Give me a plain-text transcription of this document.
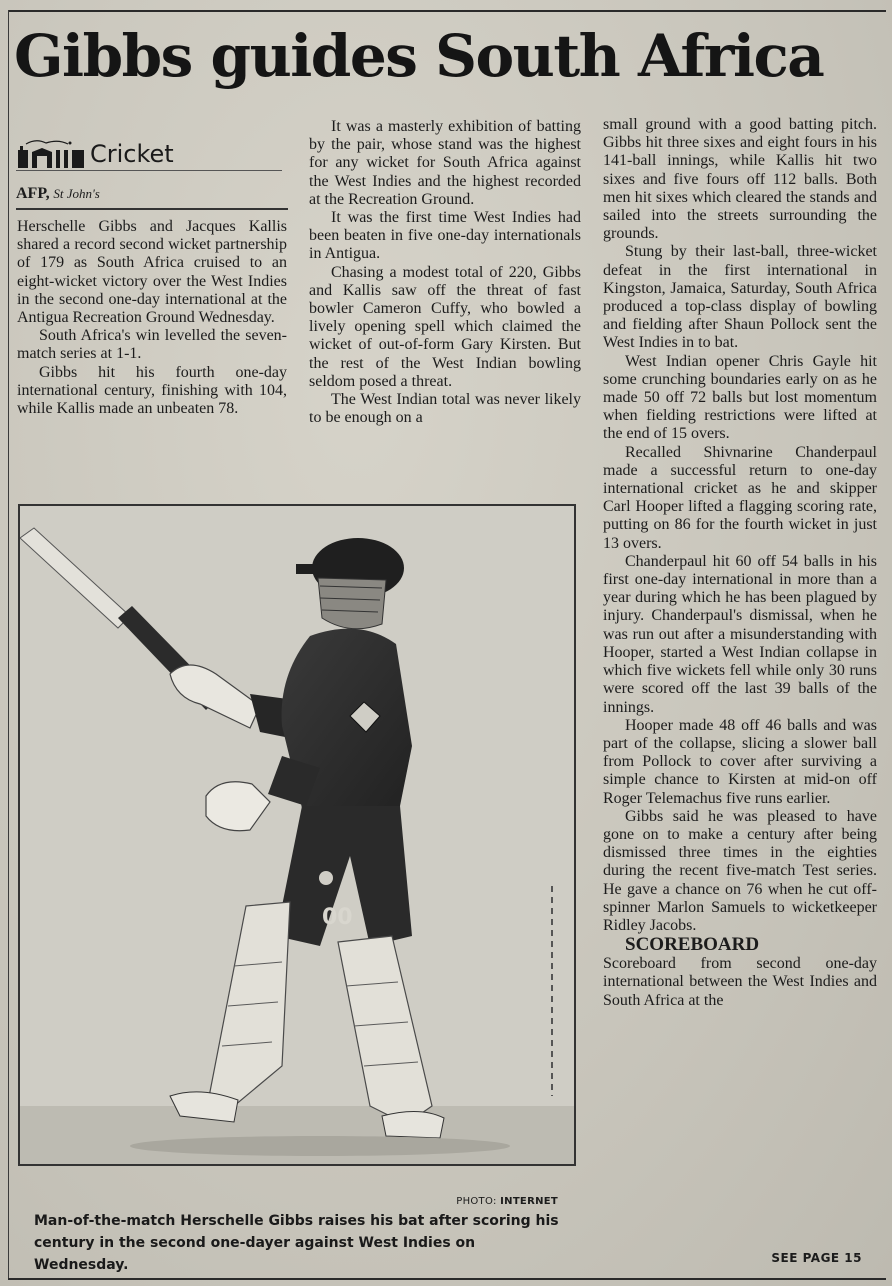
Gibbs guides South Africa
Cricket
AFP, St John's

Herschelle Gibbs and Jacques Kallis shared a record second wicket partnership of 179 as South Africa cruised to an eight-wicket victory over the West Indies in the second one-day international at the Antigua Recreation Ground Wednesday.

South Africa's win levelled the seven-match series at 1-1.

Gibbs hit his fourth one-day international century, finishing with 104, while Kallis made an unbeaten 78.

It was a masterly exhibition of batting by the pair, whose stand was the highest for any wicket for South Africa against the West Indies and the highest recorded at the Recreation Ground.

It was the first time West Indies had been beaten in five one-day internationals in Antigua.

Chasing a modest total of 220, Gibbs and Kallis saw off the threat of fast bowler Cameron Cuffy, who bowled a lively opening spell which claimed the wicket of out-of-form Gary Kirsten. But the rest of the West Indian bowling seldom posed a threat.

The West Indian total was never likely to be enough on a

small ground with a good batting pitch. Gibbs hit three sixes and eight fours in his 141-ball innings, while Kallis hit two sixes and five fours off 112 balls. Both men hit sixes which cleared the stands and sailed into the streets surrounding the grounds.

Stung by their last-ball, three-wicket defeat in the first international in Kingston, Jamaica, Saturday, South Africa produced a top-class display of bowling and fielding after Shaun Pollock sent the West Indies in to bat.

West Indian opener Chris Gayle hit some crunching boundaries early on as he made 50 off 72 balls but lost momentum when fielding restrictions were lifted at the end of 15 overs.

Recalled Shivnarine Chanderpaul made a successful return to one-day international cricket as he and skipper Carl Hooper lifted a flagging scoring rate, putting on 86 for the fourth wicket in just 13 overs.

Chanderpaul hit 60 off 54 balls in his first one-day international in more than a year during which he has been plagued by injury. Chanderpaul's dismissal, when he was run out after a misunderstanding with Hooper, started a West Indian collapse in which five wickets fell while only 30 runs were scored off the last 39 balls of the innings.

Hooper made 48 off 46 balls and was part of the collapse, slicing a slower ball from Pollock to cover after surviving a simple chance to Kirsten at mid-on off Roger Telemachus five runs earlier.

Gibbs said he was pleased to have gone on to make a century after being dismissed three times in the eighties during the recent five-match Test series. He gave a chance on 76 when he cut off-spinner Marlon Samuels to wicketkeeper Ridley Jacobs.

SCOREBOARD

Scoreboard from second one-day international between the West Indies and South Africa at the

SEE PAGE 15
00
PHOTO: INTERNET
Man-of-the-match Herschelle Gibbs raises his bat after scoring his century in the second one-dayer against West Indies on Wednesday.
